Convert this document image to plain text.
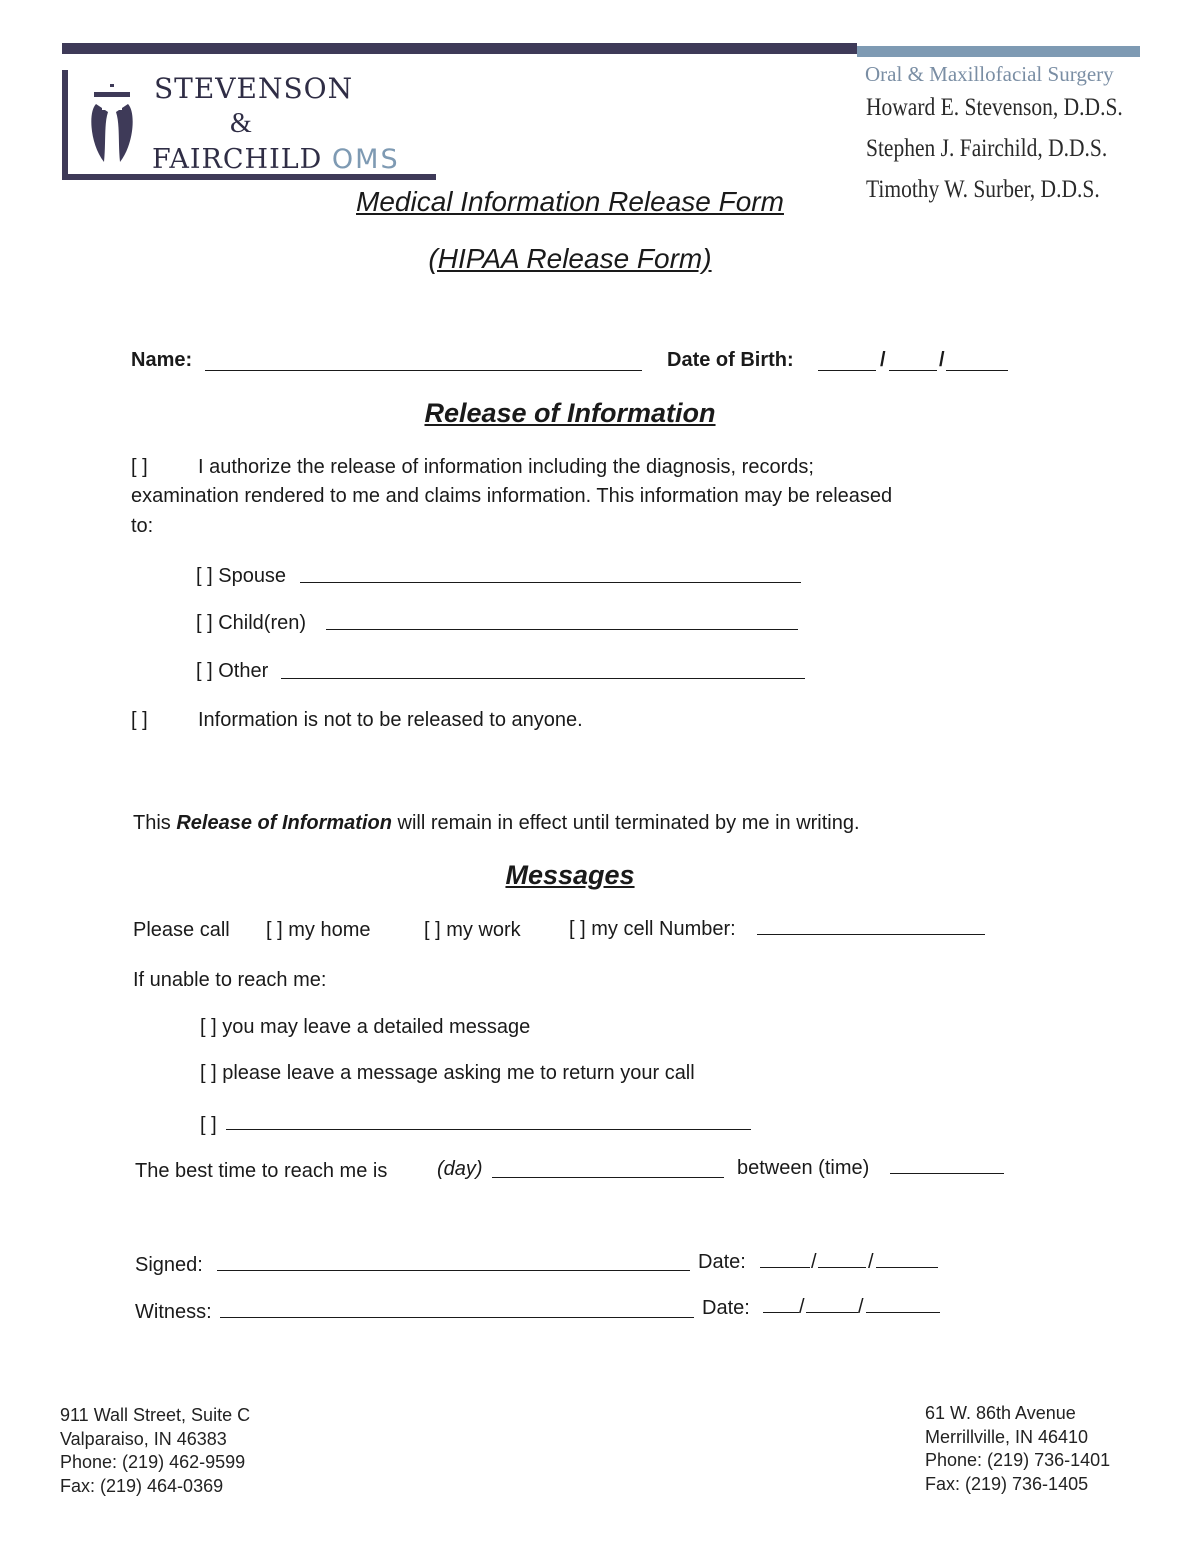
STEVENSON
&
FAIRCHILD OMS
Oral & Maxillofacial Surgery
Howard E. Stevenson, D.D.S.
Stephen J. Fairchild, D.D.S.
Timothy W. Surber, D.D.S.
Medical Information Release Form
(HIPAA Release Form)
Name:	Date of Birth:	/	/
Release of Information
[ ]	I authorize the release of information including the diagnosis, records;
examination rendered to me and claims information. This information may be released
to:
[ ] Spouse
[ ] Child(ren)
[ ] Other
[ ]	Information is not to be released to anyone.
This Release of Information will remain in effect until terminated by me in writing.
Messages
Please call [ ] my home	[ ] my work [ ] my cell Number:
If unable to reach me:
[ ] you may leave a detailed message
[ ] please leave a message asking me to return your call
[ ]
The best time to reach me is (day)	between (time)
Signed:	Date:	/	/
Witness:	Date: /	/
911 Wall Street, Suite C
Valparaiso, IN 46383
Phone: (219) 462-9599
Fax: (219) 464-0369
61 W. 86th Avenue
Merrillville, IN 46410
Phone: (219) 736-1401
Fax: (219) 736-1405
